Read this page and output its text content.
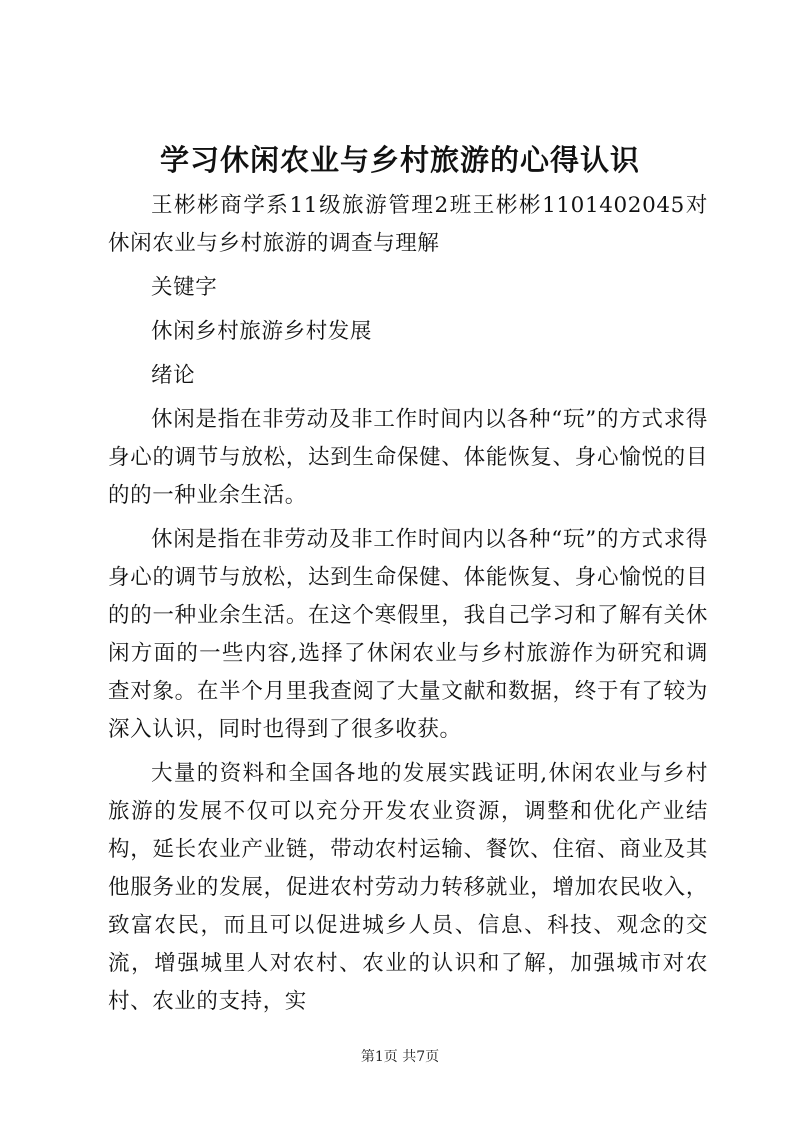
学习休闲农业与乡村旅游的心得认识

王彬彬商学系11级旅游管理2班王彬彬1101402045对休闲农业与乡村旅游的调查与理解

关键字

休闲乡村旅游乡村发展

绪论

休闲是指在非劳动及非工作时间内以各种“玩”的方式求得身心的调节与放松，达到生命保健、体能恢复、身心愉悦的目的的一种业余生活。

休闲是指在非劳动及非工作时间内以各种“玩”的方式求得身心的调节与放松，达到生命保健、体能恢复、身心愉悦的目的的一种业余生活。在这个寒假里，我自己学习和了解有关休闲方面的一些内容,选择了休闲农业与乡村旅游作为研究和调查对象。在半个月里我查阅了大量文献和数据，终于有了较为深入认识，同时也得到了很多收获。

大量的资料和全国各地的发展实践证明,休闲农业与乡村旅游的发展不仅可以充分开发农业资源，调整和优化产业结构，延长农业产业链，带动农村运输、餐饮、住宿、商业及其他服务业的发展，促进农村劳动力转移就业，增加农民收入，致富农民，而且可以促进城乡人员、信息、科技、观念的交流，增强城里人对农村、农业的认识和了解，加强城市对农村、农业的支持，实

第1页 共7页
